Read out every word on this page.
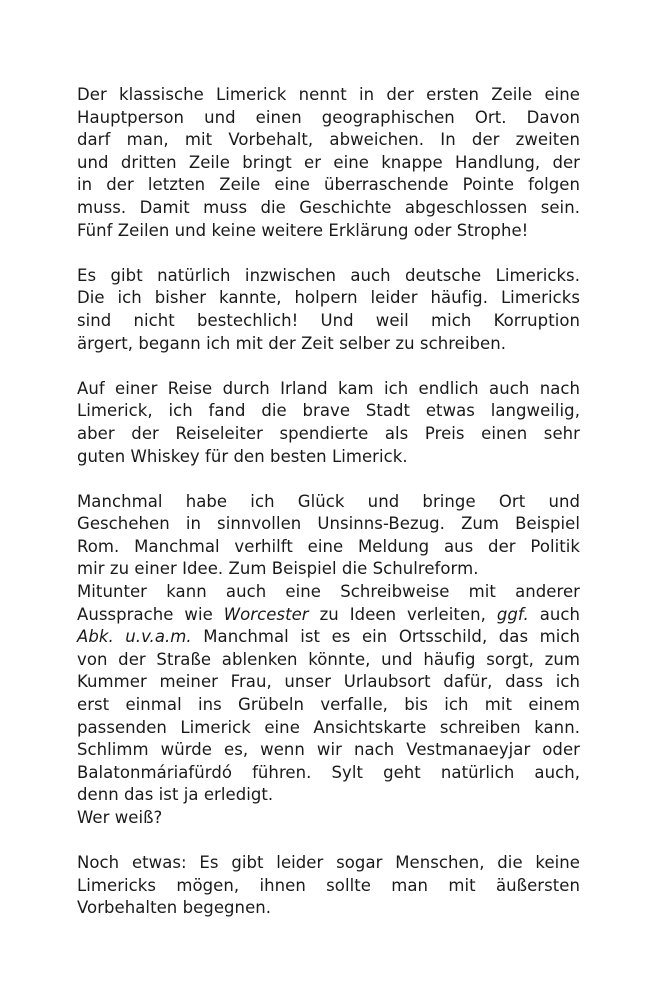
Der klassische Limerick nennt in der ersten Zeile eine
Hauptperson und einen geographischen Ort. Davon
darf man, mit Vorbehalt, abweichen. In der zweiten
und dritten Zeile bringt er eine knappe Handlung, der
in der letzten Zeile eine überraschende Pointe folgen
muss. Damit muss die Geschichte abgeschlossen sein.
Fünf Zeilen und keine weitere Erklärung oder Strophe!
Es gibt natürlich inzwischen auch deutsche Limericks.
Die ich bisher kannte, holpern leider häufig. Limericks
sind nicht bestechlich! Und weil mich Korruption
ärgert, begann ich mit der Zeit selber zu schreiben.
Auf einer Reise durch Irland kam ich endlich auch nach
Limerick, ich fand die brave Stadt etwas langweilig,
aber der Reiseleiter spendierte als Preis einen sehr
guten Whiskey für den besten Limerick.
Manchmal habe ich Glück und bringe Ort und
Geschehen in sinnvollen Unsinns-Bezug. Zum Beispiel
Rom. Manchmal verhilft eine Meldung aus der Politik
mir zu einer Idee. Zum Beispiel die Schulreform.
Mitunter kann auch eine Schreibweise mit anderer
Aussprache wie Worcester zu Ideen verleiten, ggf. auch
Abk. u.v.a.m. Manchmal ist es ein Ortsschild, das mich
von der Straße ablenken könnte, und häufig sorgt, zum
Kummer meiner Frau, unser Urlaubsort dafür, dass ich
erst einmal ins Grübeln verfalle, bis ich mit einem
passenden Limerick eine Ansichtskarte schreiben kann.
Schlimm würde es, wenn wir nach Vestmanaeyjar oder
Balatonmáriafürdó führen. Sylt geht natürlich auch,
denn das ist ja erledigt.
Wer weiß?
Noch etwas: Es gibt leider sogar Menschen, die keine
Limericks mögen, ihnen sollte man mit äußersten
Vorbehalten begegnen.
